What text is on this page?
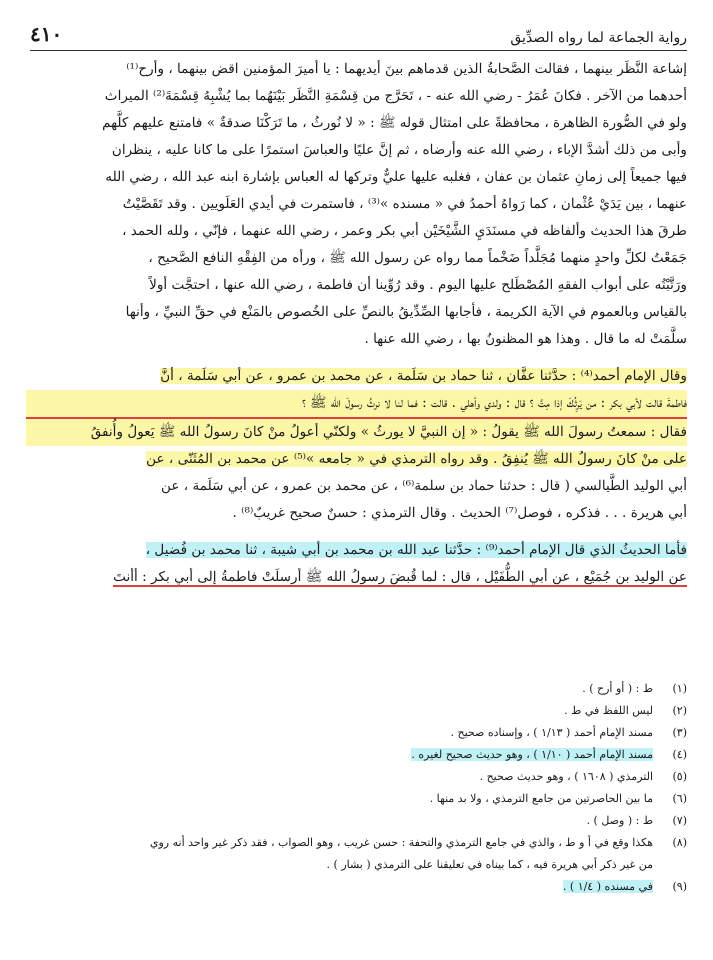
رواية الجماعة لما رواه الصدِّيق
٤١٠
إشاعة النَّظَر بينهما ، فقالت الصَّحابةُ الذين قدماهم بينَ أيديهما : يا أميرَ المؤمنين اقض بينهما ، وأرح⁽¹⁾
أحدهما من الآخر . فكانَ عُمَرُ - رضي الله عنه - ، تَحَرَّج من قِسْمَةِ النَّظَر بَيْنَهُما بما يُشْبِهُ قِسْمَةَ⁽²⁾ الميراث
ولو في الصُّورة الظاهرة ، محافظةً على امتثال قوله ﷺ : « لا نُورثُ ، ما تَرَكْنَا صدقةٌ » فامتنع عليهم كلَّهم
وأبى من ذلك أشدَّ الإباء ، رضي الله عنه وأرضاه ، ثم إنَّ عليًا والعباسَ استمرًا على ما كانا عليه ، ينظران
فيها جميعاً إلى زمانِ عثمان بن عفان ، فغلبه عليها عليٌّ وتركها له العباس بإشارة ابنه عبد الله ، رضي الله
عنهما ، بين يَدَيْ عُثْمان ، كما رَواهُ أحمدُ في « مسنده »⁽³⁾ ، فاستمرت في أيدي العَلَويين . وقد تَقَصَّيْتُ
طرقَ هذا الحديث وألفاظه في مسنَدَيِ الشَّيْخَيْن أبي بكر وعمر ، رضي الله عنهما ، فإنّي ، ولله الحمد ،
جَمَعْتُ لكلِّ واحدٍ منهما مُجَلَّداً ضَخْماً مما رواه عن رسول الله ﷺ ، ورأه من الفِقْهِ النافع الصَّحيح ،
ورَتَّبْتُه على أبواب الفقهِ المُصْطَلح عليها اليوم . وقد رُوِّينا أن فاطمة ، رضي الله عنها ، احتجَّت أولاً
بالقياس وبالعموم في الآية الكريمة ، فأجابها الصِّدِّيقُ بالنصِّ على الخُصوص بالمَنْع في حقِّ النبيِّ ، وأنها
سلَّمَتْ له ما قال . وهذا هو المظنونُ بها ، رضي الله عنها .
وقال الإمام أحمد⁽⁴⁾ : حدَّثنا عفَّان ، ثنا حماد بن سَلَمة ، عن محمد بن عمرو ، عن أبي سَلَمة ، أنَّ
فاطمةَ قالت لأبي بكر : من يَرِثُكَ إذا مِتَّ ؟ قال : ولدي وأهلي . قالت : فما لنا لا نرثُ رسولَ الله ﷺ ؟
فقال : سمعتُ رسولَ الله ﷺ يقولُ : « إن النبيَّ لا يورثُ » ولكنّي أعولُ منْ كانَ رسولُ الله ﷺ يَعولُ وأُنفقُ
على منْ كانَ رسولُ الله ﷺ يُنفِقُ . وقد رواه الترمذي في « جامعه »⁽⁵⁾ عن محمد بن المُثَنّى ، عن
أبي الوليد الطَّيالسي ( قال : حدثنا حماد بن سلمة⁽⁶⁾ ، عن محمد بن عمرو ، عن أبي سَلَمة ، عن
أبي هريرة . . . فذكره ، فوصل⁽⁷⁾ الحديث . وقال الترمذي : حسنٌ صحيح غريبٌ⁽⁸⁾ .
فأما الحديثُ الذي قال الإمام أحمد⁽⁹⁾ : حدَّثنا عبد الله بن محمد بن أبي شيبة ، ثنا محمد بن فُضيل ،
عن الوليد بن جُمَيْع ، عن أبي الطُّفَيْل ، قال : لما قُبضَ رسولُ الله ﷺ أرسلَتْ فاطمةُ إلى أبي بكر : أأنتَ
(١)
ط : ( أو أرح ) .
(٢)
ليس اللفظ في ط .
(٣)
مسند الإمام أحمد ( ١/١٣ ) ، وإسناده صحيح .
(٤)
مسند الإمام أحمد ( ١/١٠ ) ، وهو حديث صحيح لغيره .
(٥)
الترمذي ( ١٦٠٨ ) ، وهو حديث صحيح .
(٦)
ما بين الحاصرتين من جامع الترمذي ، ولا بد منها .
(٧)
ط : ( وصل ) .
(٨)
هكذا وقع في أ و ط ، والذي في جامع الترمذي والتحفة : حسن غريب ، وهو الصواب ، فقد ذكر غير واحد أنه روي
من غير ذكر أبي هريرة فيه ، كما بيناه في تعليقنا على الترمذي ( بشار ) .
(٩)
في مسنده ( ١/٤ ) .
